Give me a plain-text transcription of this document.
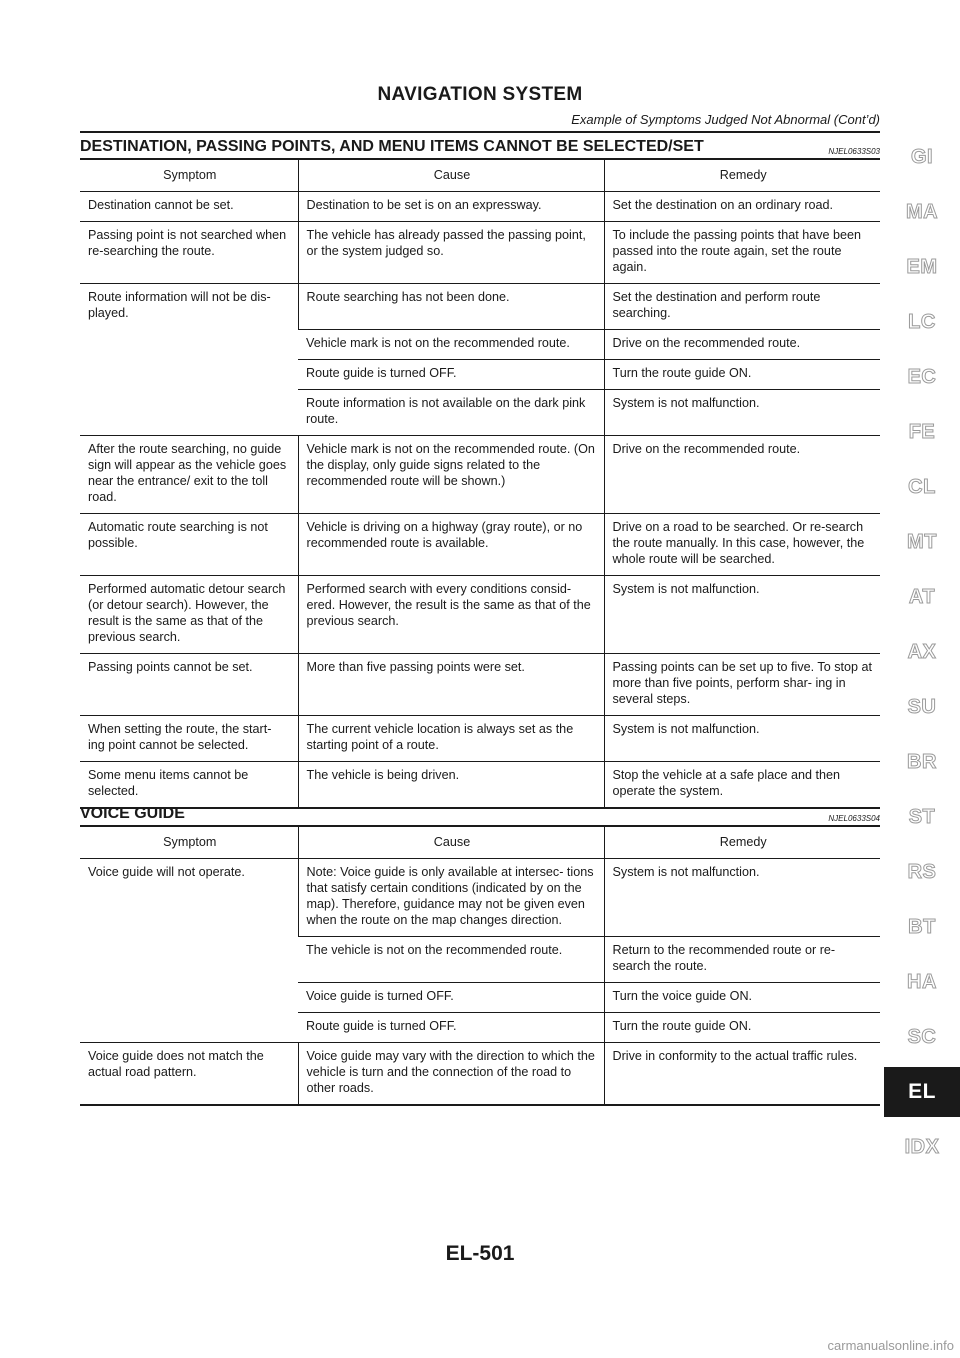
NAVIGATION SYSTEM
Example of Symptoms Judged Not Abnormal (Cont’d)
DESTINATION, PASSING POINTS, AND MENU ITEMS CANNOT BE SELECTED/SET	NJEL0633S03
Symptom	Cause	Remedy
Destination cannot be set.	Destination to be set is on an expressway.	Set the destination on an ordinary road.
Passing point is not searched when re-searching the route.	The vehicle has already passed the passing point, or the system judged so.	To include the passing points that have been passed into the route again, set the route again.
Route information will not be dis- played.	Route searching has not been done.	Set the destination and perform route searching.
	Vehicle mark is not on the recommended route.	Drive on the recommended route.
	Route guide is turned OFF.	Turn the route guide ON.
	Route information is not available on the dark pink route.	System is not malfunction.
After the route searching, no guide sign will appear as the vehicle goes near the entrance/ exit to the toll road.	Vehicle mark is not on the recommended route. (On the display, only guide signs related to the recommended route will be shown.)	Drive on the recommended route.
Automatic route searching is not possible.	Vehicle is driving on a highway (gray route), or no recommended route is available.	Drive on a road to be searched. Or re-search the route manually. In this case, however, the whole route will be searched.
Performed automatic detour search (or detour search). However, the result is the same as that of the previous search.	Performed search with every conditions consid- ered. However, the result is the same as that of the previous search.	System is not malfunction.
Passing points cannot be set.	More than five passing points were set.	Passing points can be set up to five. To stop at more than five points, perform shar- ing in several steps.
When setting the route, the start- ing point cannot be selected.	The current vehicle location is always set as the starting point of a route.	System is not malfunction.
Some menu items cannot be selected.	The vehicle is being driven.	Stop the vehicle at a safe place and then operate the system.
VOICE GUIDE	NJEL0633S04
Symptom	Cause	Remedy
Voice guide will not operate.	Note: Voice guide is only available at intersec- tions that satisfy certain conditions (indicated by on the map). Therefore, guidance may not be given even when the route on the map changes direction.	System is not malfunction.
	The vehicle is not on the recommended route.	Return to the recommended route or re- search the route.
	Voice guide is turned OFF.	Turn the voice guide ON.
	Route guide is turned OFF.	Turn the route guide ON.
Voice guide does not match the actual road pattern.	Voice guide may vary with the direction to which the vehicle is turn and the connection of the road to other roads.	Drive in conformity to the actual traffic rules.
GI
MA
EM
LC
EC
FE
CL
MT
AT
AX
SU
BR
ST
RS
BT
HA
SC
EL
IDX
EL-501
carmanualsonline.info
